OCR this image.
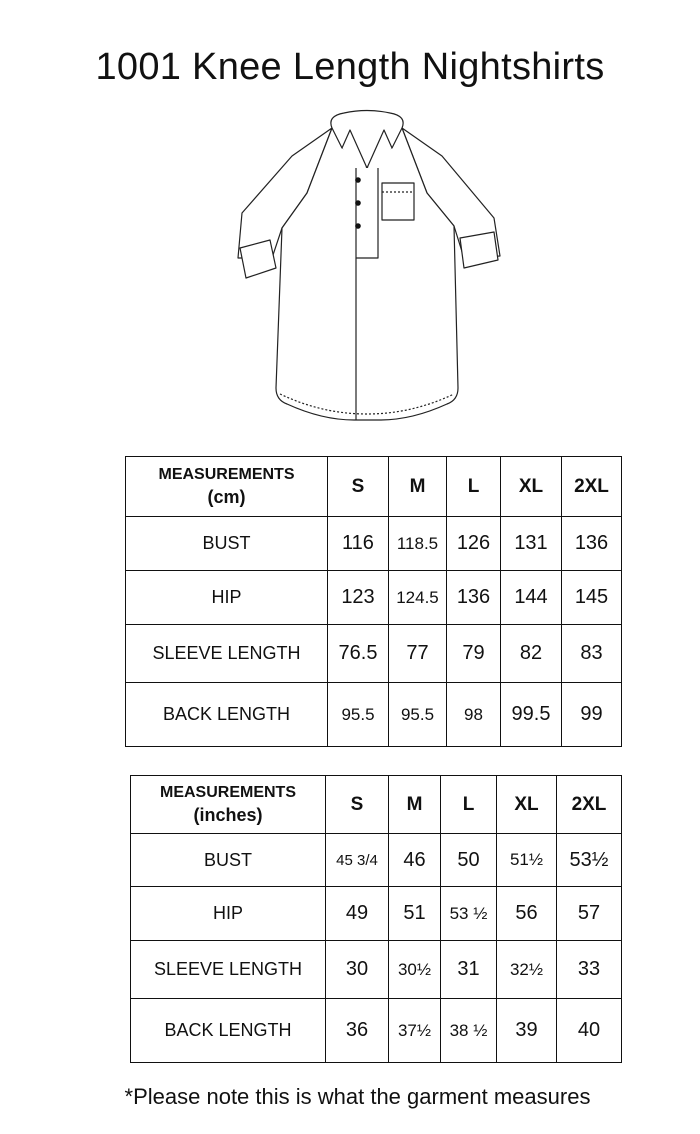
1001 Knee Length Nightshirts
MEASUREMENTS
(cm)	S	M	L	XL	2XL
BUST	116	118.5	126	131	136
HIP	123	124.5	136	144	145
SLEEVE LENGTH	76.5	77	79	82	83
BACK LENGTH	95.5	95.5	98	99.5	99
MEASUREMENTS
(inches)	S	M	L	XL	2XL
BUST	45 3/4	46	50	51½	53½
HIP	49	51	53 ½	56	57
SLEEVE LENGTH	30	30½	31	32½	33
BACK LENGTH	36	37½	38 ½	39	40
*Please note this is what the garment measures
